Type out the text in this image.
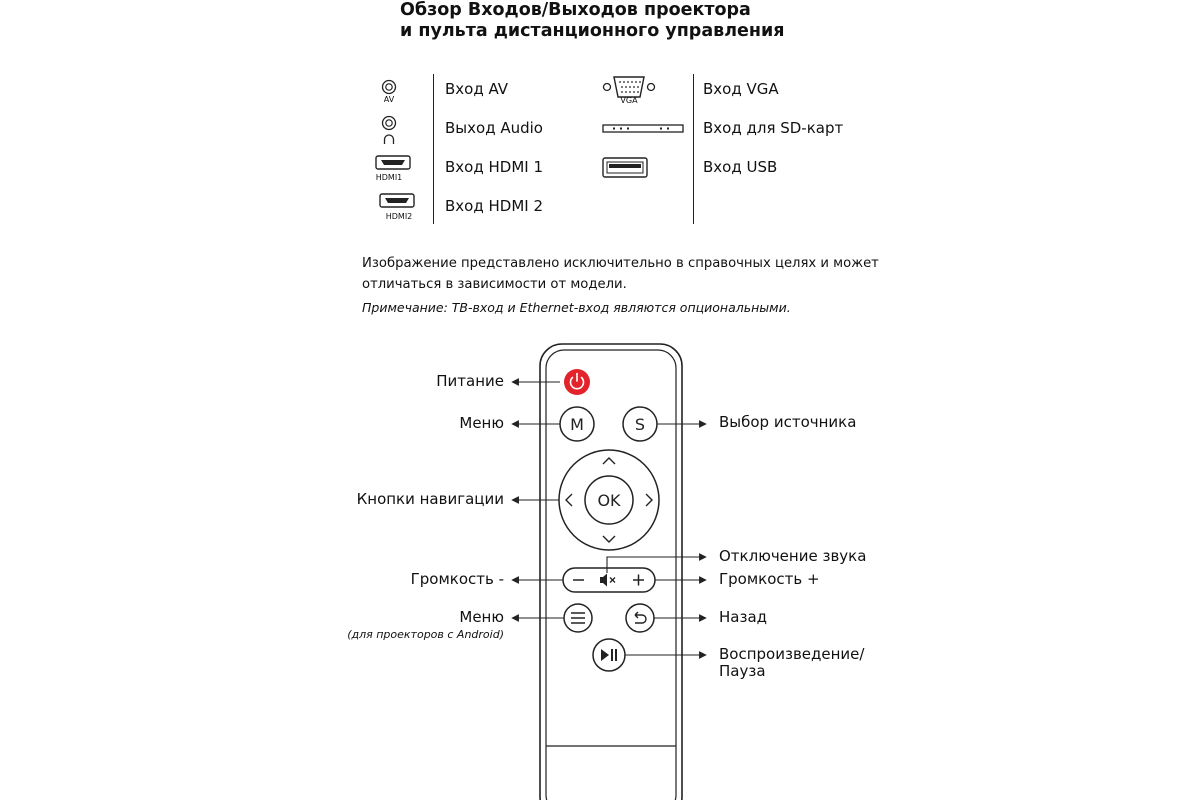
Обзор Входов/Выходов проектора
и пульта дистанционного управления
AV
HDMI1
HDMI2
VGA
Вход AV
Выход Audio
Вход HDMI 1
Вход HDMI 2
Вход VGA
Вход для SD-карт
Вход USB
Изображение представлено исключительно в справочных целях и может
отличаться в зависимости от модели.
Примечание: ТВ-вход и Ethernet-вход являются опциональными.
M	S
OK
Питание
Меню
Кнопки навигации
Громкость -
Меню
(для проекторов с Android)
Выбор источника
Отключение звука
Громкость +
Назад
Воспроизведение/
Пауза
